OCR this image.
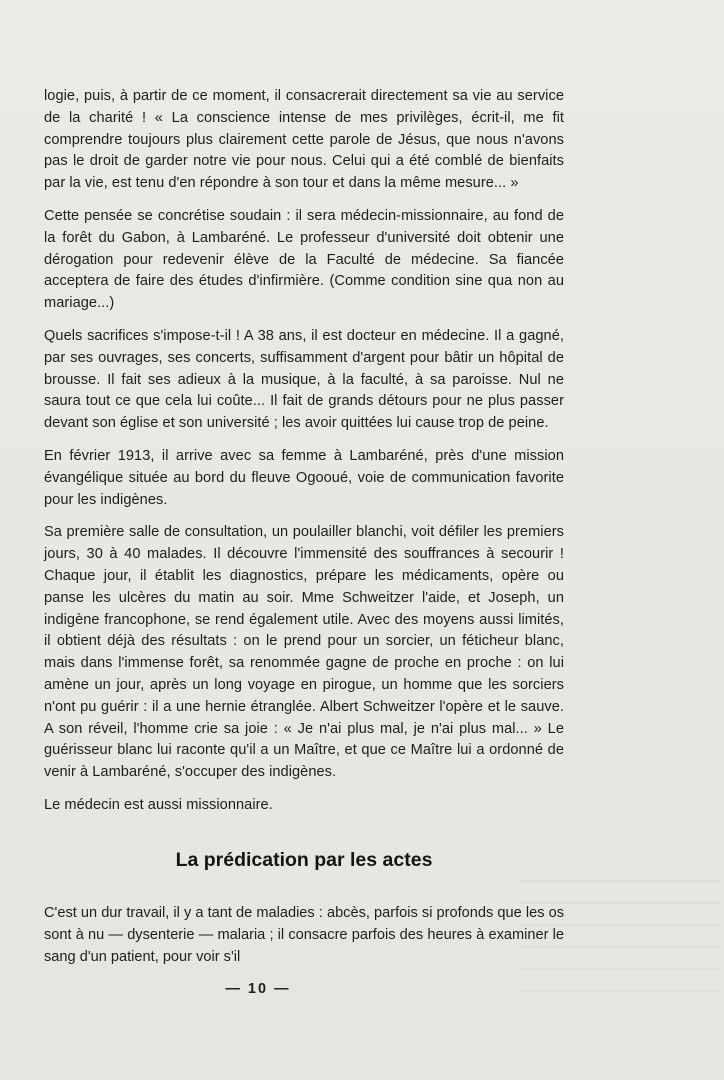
logie, puis, à partir de ce moment, il consacrerait directement sa vie au service de la charité ! « La conscience intense de mes privilèges, écrit-il, me fit comprendre toujours plus clairement cette parole de Jésus, que nous n'avons pas le droit de garder notre vie pour nous. Celui qui a été comblé de bienfaits par la vie, est tenu d'en répondre à son tour et dans la même mesure... »

Cette pensée se concrétise soudain : il sera médecin-missionnaire, au fond de la forêt du Gabon, à Lambaréné. Le professeur d'université doit obtenir une dérogation pour redevenir élève de la Faculté de médecine. Sa fiancée acceptera de faire des études d'infirmière. (Comme condition sine qua non au mariage...)

Quels sacrifices s'impose-t-il ! A 38 ans, il est docteur en médecine. Il a gagné, par ses ouvrages, ses concerts, suffisamment d'argent pour bâtir un hôpital de brousse. Il fait ses adieux à la musique, à la faculté, à sa paroisse. Nul ne saura tout ce que cela lui coûte... Il fait de grands détours pour ne plus passer devant son église et son université ; les avoir quittées lui cause trop de peine.

En février 1913, il arrive avec sa femme à Lambaréné, près d'une mission évangélique située au bord du fleuve Ogooué, voie de communication favorite pour les indigènes.

Sa première salle de consultation, un poulailler blanchi, voit défiler les premiers jours, 30 à 40 malades. Il découvre l'immensité des souffrances à secourir ! Chaque jour, il établit les diagnostics, prépare les médicaments, opère ou panse les ulcères du matin au soir. Mme Schweitzer l'aide, et Joseph, un indigène francophone, se rend également utile. Avec des moyens aussi limités, il obtient déjà des résultats : on le prend pour un sorcier, un féticheur blanc, mais dans l'immense forêt, sa renommée gagne de proche en proche : on lui amène un jour, après un long voyage en pirogue, un homme que les sorciers n'ont pu guérir : il a une hernie étranglée. Albert Schweitzer l'opère et le sauve. A son réveil, l'homme crie sa joie : « Je n'ai plus mal, je n'ai plus mal... » Le guérisseur blanc lui raconte qu'il a un Maître, et que ce Maître lui a ordonné de venir à Lambaréné, s'occuper des indigènes.

Le médecin est aussi missionnaire.

La prédication par les actes

C'est un dur travail, il y a tant de maladies : abcès, parfois si profonds que les os sont à nu — dysenterie — malaria ; il consacre parfois des heures à examiner le sang d'un patient, pour voir s'il

— 10 —
